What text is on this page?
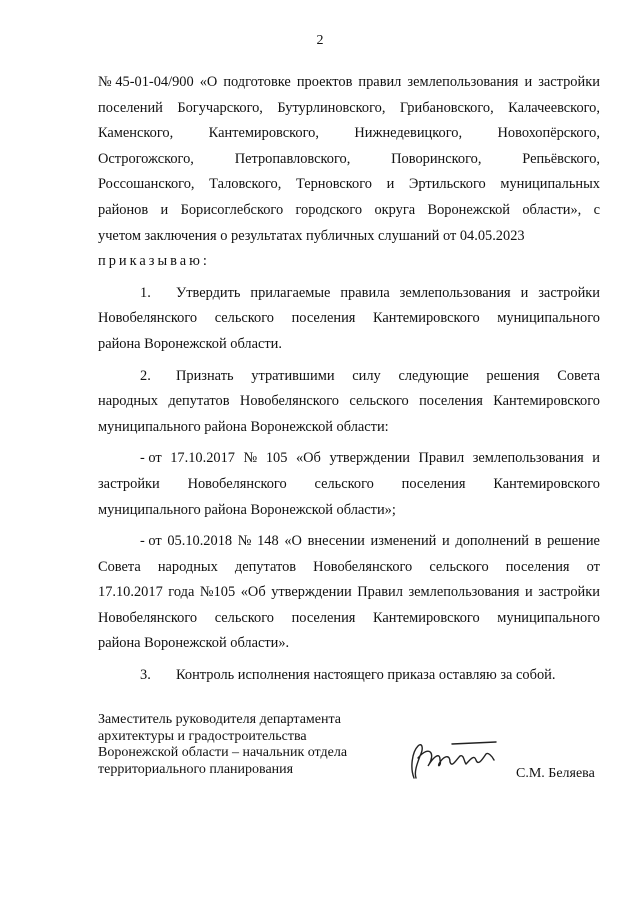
2
№ 45-01-04/900 «О подготовке проектов правил землепользования и застройки
поселений Богучарского, Бутурлиновского, Грибановского, Калачеевского,
Каменского, Кантемировского, Нижнедевицкого, Новохопёрского,
Острогожского,	Петропавловского,	Поворинского,	Репьёвского,
Россошанского, Таловского, Терновского и Эртильского муниципальных
районов и Борисоглебского городского округа Воронежской области», с
учетом заключения о результатах публичных слушаний от 04.05.2023
приказываю:
1.	Утвердить прилагаемые правила землепользования и застройки
Новобелянского сельского поселения Кантемировского муниципального
района Воронежской области.
2.	Признать утратившими силу следующие решения Совета
народных депутатов Новобелянского сельского поселения Кантемировского
муниципального района Воронежской области:
- от 17.10.2017 № 105 «Об утверждении Правил землепользования и
застройки Новобелянского сельского поселения Кантемировского
муниципального района Воронежской области»;
- от 05.10.2018 № 148 «О внесении изменений и дополнений в решение
Совета народных депутатов Новобелянского сельского поселения от
17.10.2017 года №105 «Об утверждении Правил землепользования и застройки
Новобелянского сельского поселения Кантемировского муниципального
района Воронежской области».
3. Контроль исполнения настоящего приказа оставляю за собой.
Заместитель руководителя департамента
архитектуры и градостроительства
Воронежской области – начальник отдела
территориального планирования	С.М. Беляева
